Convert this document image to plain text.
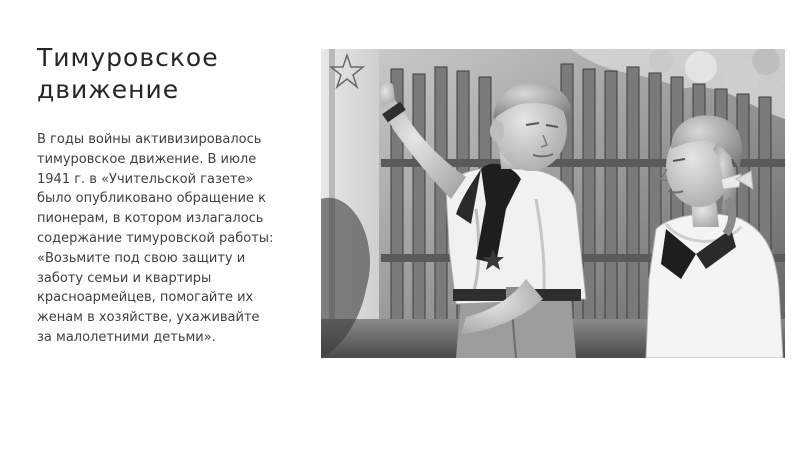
Тимуровское движение

В годы войны активизировалось тимуровское движение. В июле 1941 г. в «Учительской газете» было опубликовано обращение к пионерам, в котором излагалось содержание тимуровской работы: «Возьмите под свою защиту и заботу семьи и квартиры красноармейцев, помогайте их женам в хозяйстве, ухаживайте за малолетними детьми».
